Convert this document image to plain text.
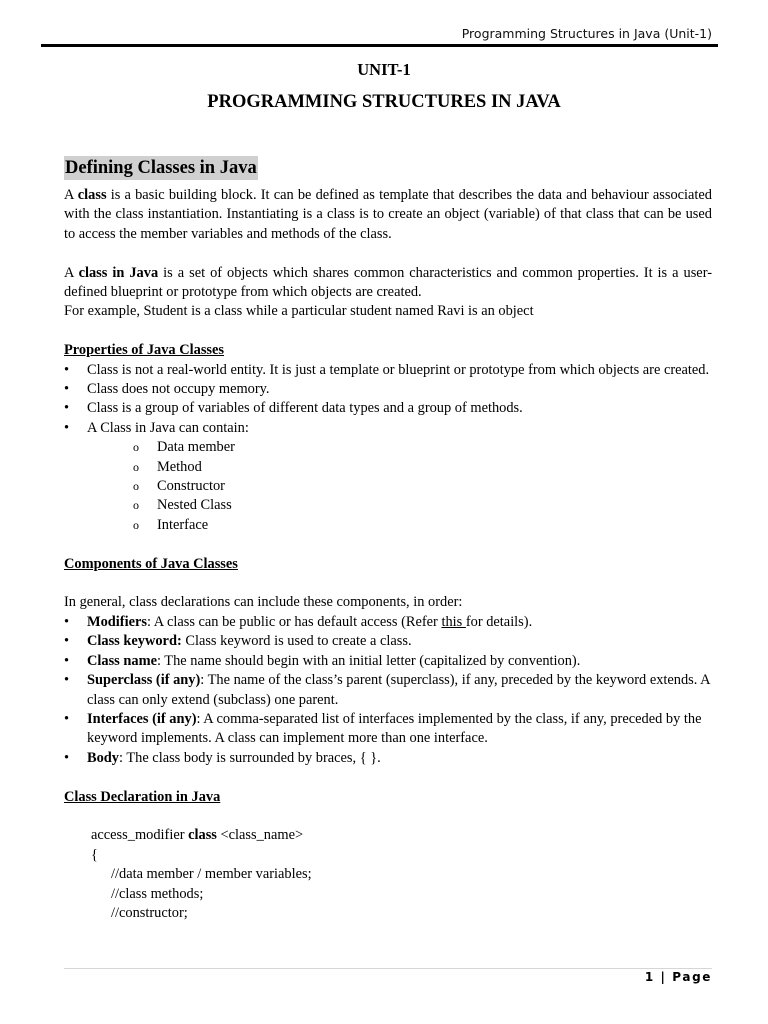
Programming Structures in Java (Unit-1)
UNIT-1
PROGRAMMING STRUCTURES IN JAVA
Defining Classes in Java

A class is a basic building block. It can be defined as template that describes the data and behaviour associated with the class instantiation. Instantiating is a class is to create an object (variable) of that class that can be used to access the member variables and methods of the class.

A class in Java is a set of objects which shares common characteristics and common properties. It is a user-defined blueprint or prototype from which objects are created.

For example, Student is a class while a particular student named Ravi is an object

Properties of Java Classes

• Class is not a real-world entity. It is just a template or blueprint or prototype from which objects are created.
• Class does not occupy memory.
• Class is a group of variables of different data types and a group of methods.
• A Class in Java can contain:
o Data member
o Method
o Constructor
o Nested Class
o Interface

Components of Java Classes

In general, class declarations can include these components, in order:

• Modifiers: A class can be public or has default access (Refer this for details).
• Class keyword: Class keyword is used to create a class.
• Class name: The name should begin with an initial letter (capitalized by convention).
• Superclass (if any): The name of the class’s parent (superclass), if any, preceded by the keyword extends. A class can only extend (subclass) one parent.
• Interfaces (if any): A comma-separated list of interfaces implemented by the class, if any, preceded by the keyword implements. A class can implement more than one interface.
• Body: The class body is surrounded by braces, { }.

Class Declaration in Java

access_modifier class <class_name>

{

//data member / member variables;

//class methods;

//constructor;

1 | Page
